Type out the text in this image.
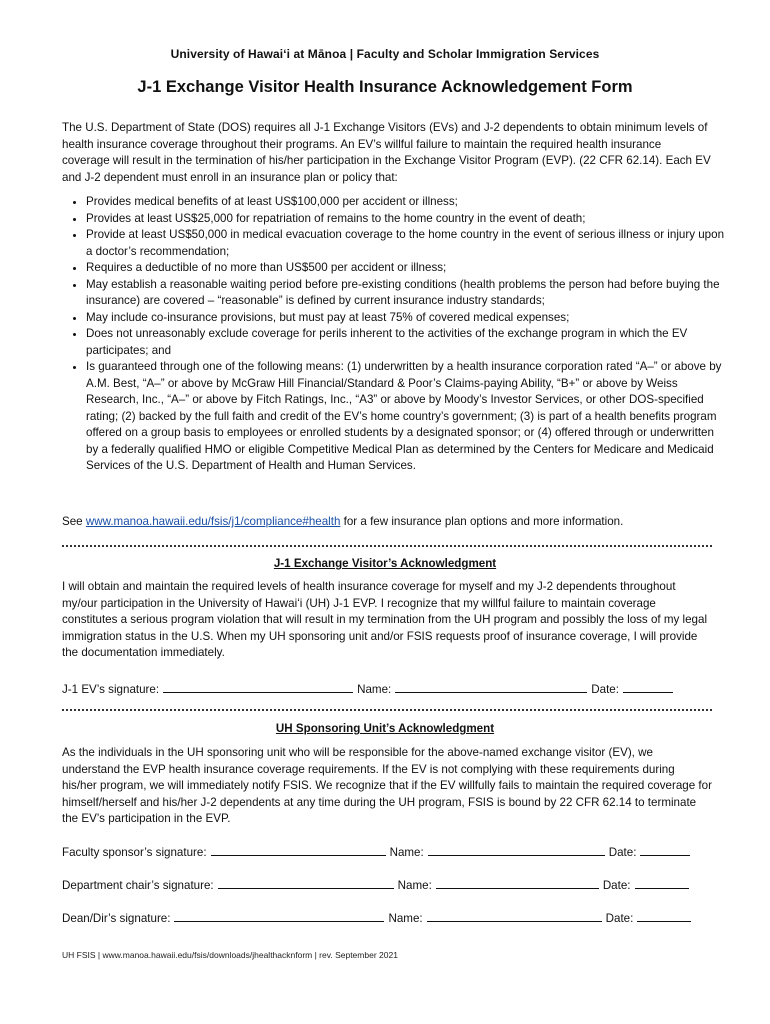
University of Hawaiʻi at Mānoa | Faculty and Scholar Immigration Services
J-1 Exchange Visitor Health Insurance Acknowledgement Form
The U.S. Department of State (DOS) requires all J-1 Exchange Visitors (EVs) and J-2 dependents to obtain minimum levels of health insurance coverage throughout their programs. An EV’s willful failure to maintain the required health insurance coverage will result in the termination of his/her participation in the Exchange Visitor Program (EVP). (22 CFR 62.14). Each EV and J-2 dependent must enroll in an insurance plan or policy that:
• Provides medical benefits of at least US$100,000 per accident or illness;
• Provides at least US$25,000 for repatriation of remains to the home country in the event of death;
• Provide at least US$50,000 in medical evacuation coverage to the home country in the event of serious illness or injury upon a doctor’s recommendation;
• Requires a deductible of no more than US$500 per accident or illness;
• May establish a reasonable waiting period before pre-existing conditions (health problems the person had before buying the insurance) are covered – “reasonable” is defined by current insurance industry standards;
• May include co-insurance provisions, but must pay at least 75% of covered medical expenses;
• Does not unreasonably exclude coverage for perils inherent to the activities of the exchange program in which the EV participates; and
• Is guaranteed through one of the following means: (1) underwritten by a health insurance corporation rated “A–” or above by A.M. Best, “A–” or above by McGraw Hill Financial/Standard & Poor’s Claims-paying Ability, “B+” or above by Weiss Research, Inc., “A–” or above by Fitch Ratings, Inc., “A3” or above by Moody’s Investor Services, or other DOS-specified rating; (2) backed by the full faith and credit of the EV’s home country’s government; (3) is part of a health benefits program offered on a group basis to employees or enrolled students by a designated sponsor; or (4) offered through or underwritten by a federally qualified HMO or eligible Competitive Medical Plan as determined by the Centers for Medicare and Medicaid Services of the U.S. Department of Health and Human Services.
See www.manoa.hawaii.edu/fsis/j1/compliance#health for a few insurance plan options and more information.
J-1 Exchange Visitor’s Acknowledgment
I will obtain and maintain the required levels of health insurance coverage for myself and my J-2 dependents throughout my/our participation in the University of Hawaiʻi (UH) J-1 EVP. I recognize that my willful failure to maintain coverage constitutes a serious program violation that will result in my termination from the UH program and possibly the loss of my legal immigration status in the U.S. When my UH sponsoring unit and/or FSIS requests proof of insurance coverage, I will provide the documentation immediately.
J-1 EV’s signature:	Name:	Date:
UH Sponsoring Unit’s Acknowledgment
As the individuals in the UH sponsoring unit who will be responsible for the above-named exchange visitor (EV), we understand the EVP health insurance coverage requirements. If the EV is not complying with these requirements during his/her program, we will immediately notify FSIS. We recognize that if the EV willfully fails to maintain the required coverage for himself/herself and his/her J-2 dependents at any time during the UH program, FSIS is bound by 22 CFR 62.14 to terminate the EV’s participation in the EVP.
Faculty sponsor’s signature:	Name:	Date:
Department chair’s signature:	Name:	Date:
Dean/Dir’s signature:	Name:	Date:
UH FSIS | www.manoa.hawaii.edu/fsis/downloads/jhealthacknform | rev. September 2021
